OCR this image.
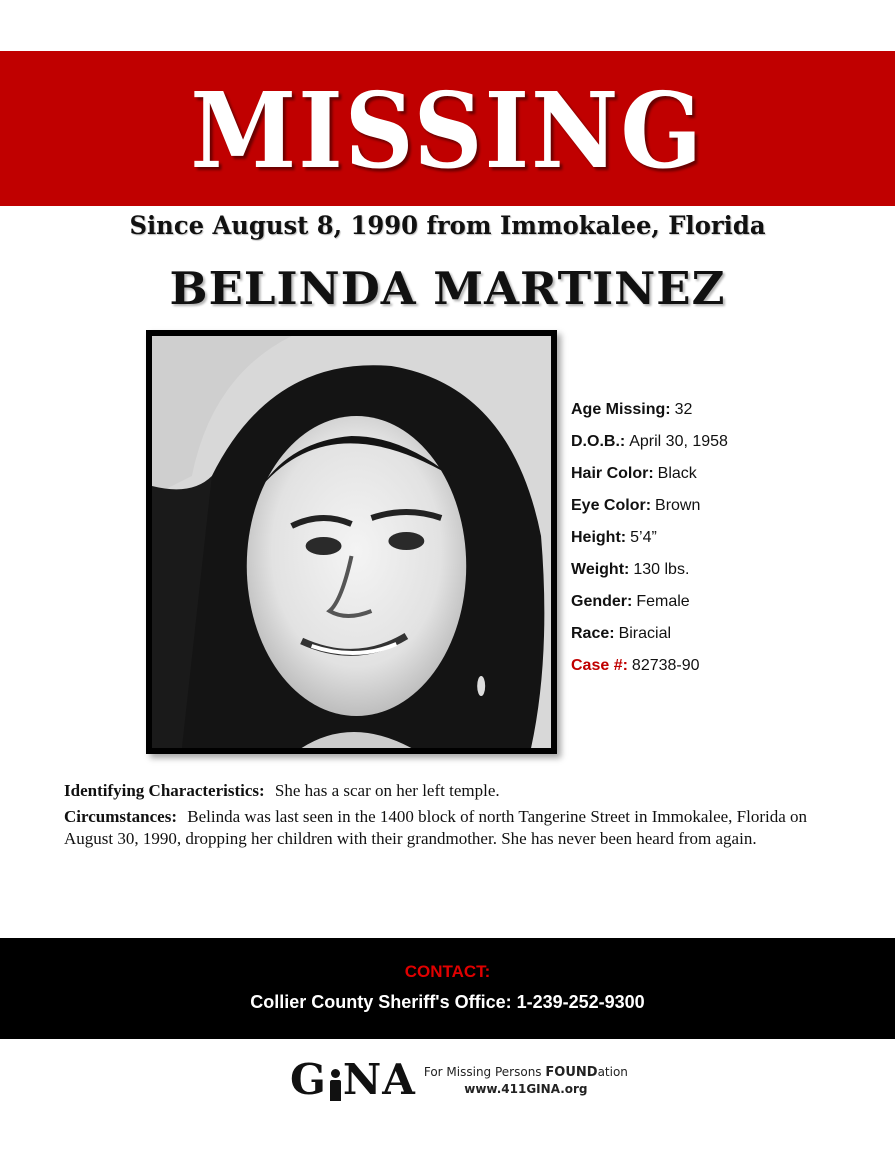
MISSING
Since August 8, 1990 from Immokalee, Florida
BELINDA MARTINEZ
Age Missing: 32
D.O.B.: April 30, 1958
Hair Color: Black
Eye Color: Brown
Height: 5’4”
Weight: 130 lbs.
Gender: Female
Race: Biracial
Case #: 82738-90

Identifying Characteristics: She has a scar on her left temple.

Circumstances: Belinda was last seen in the 1400 block of north Tangerine Street in Immokalee, Florida on August 30, 1990, dropping her children with their grandmother. She has never been heard from again.

CONTACT:
Collier County Sheriff's Office: 1-239-252-9300
G NA For Missing Persons FOUNDation
www.411GINA.org
